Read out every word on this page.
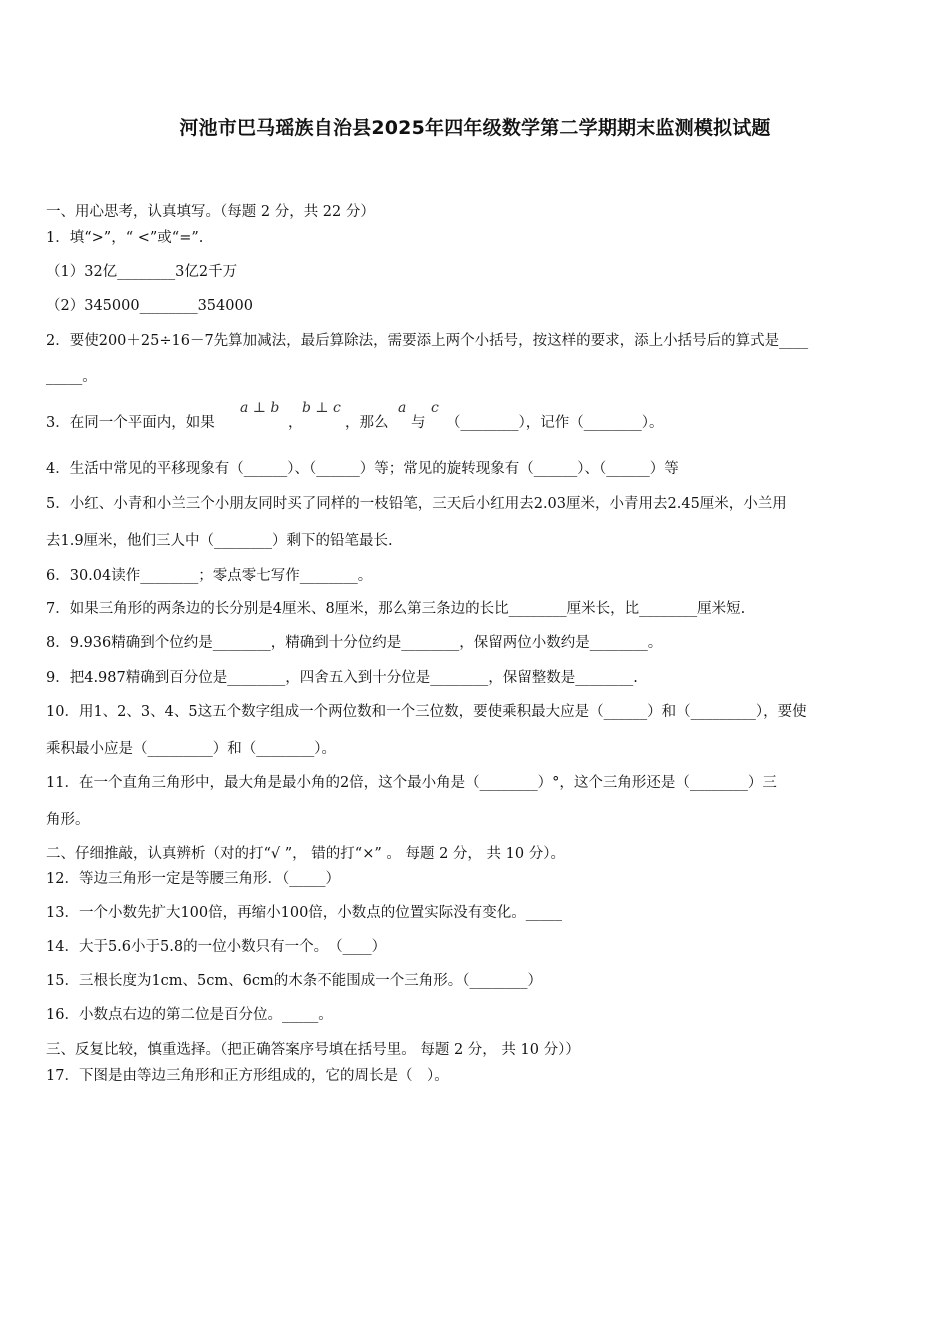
河池市巴马瑶族自治县2025年四年级数学第二学期期末监测模拟试题
一、用心思考，认真填写。（每题 2 分，共 22 分）
1．填“>”，“ <”或“=”.
（1）32亿________3亿2千万
（2）345000________354000
2．要使200＋25÷16－7先算加减法，最后算除法，需要添上两个小括号，按这样的要求，添上小括号后的算式是____
_____。
3．在同一个平面内，如果
a ⊥ b
，
b ⊥ c
，那么
a
与
c
（________），记作（________）。
4．生活中常见的平移现象有（______）、（______）等；常见的旋转现象有（______）、（______）等
5．小红、小青和小兰三个小朋友同时买了同样的一枝铅笔，三天后小红用去2.03厘米，小青用去2.45厘米，小兰用
去1.9厘米，他们三人中（________）剩下的铅笔最长.
6．30.04读作________；零点零七写作________。
7．如果三角形的两条边的长分别是4厘米、8厘米，那么第三条边的长比________厘米长，比________厘米短.
8．9.936精确到个位约是________，精确到十分位约是________，保留两位小数约是________。
9．把4.987精确到百分位是________，四舍五入到十分位是________，保留整数是________.
10．用1、2、3、4、5这五个数字组成一个两位数和一个三位数，要使乘积最大应是（______）和（_________），要使
乘积最小应是（_________）和（________）。
11．在一个直角三角形中，最大角是最小角的2倍，这个最小角是（________）°，这个三角形还是（________）三
角形。
二、仔细推敲，认真辨析（对的打“√ ”， 错的打“×” 。 每题 2 分， 共 10 分）。
12．等边三角形一定是等腰三角形．（_____）
13．一个小数先扩大100倍，再缩小100倍，小数点的位置实际没有变化。_____
14．大于5.6小于5.8的一位小数只有一个。　（____）
15．三根长度为1cm、5cm、6cm的木条不能围成一个三角形。（________）
16．小数点右边的第二位是百分位。_____。
三、反复比较，慎重选择。（把正确答案序号填在括号里。 每题 2 分， 共 10 分））
17．下图是由等边三角形和正方形组成的，它的周长是（　）。
